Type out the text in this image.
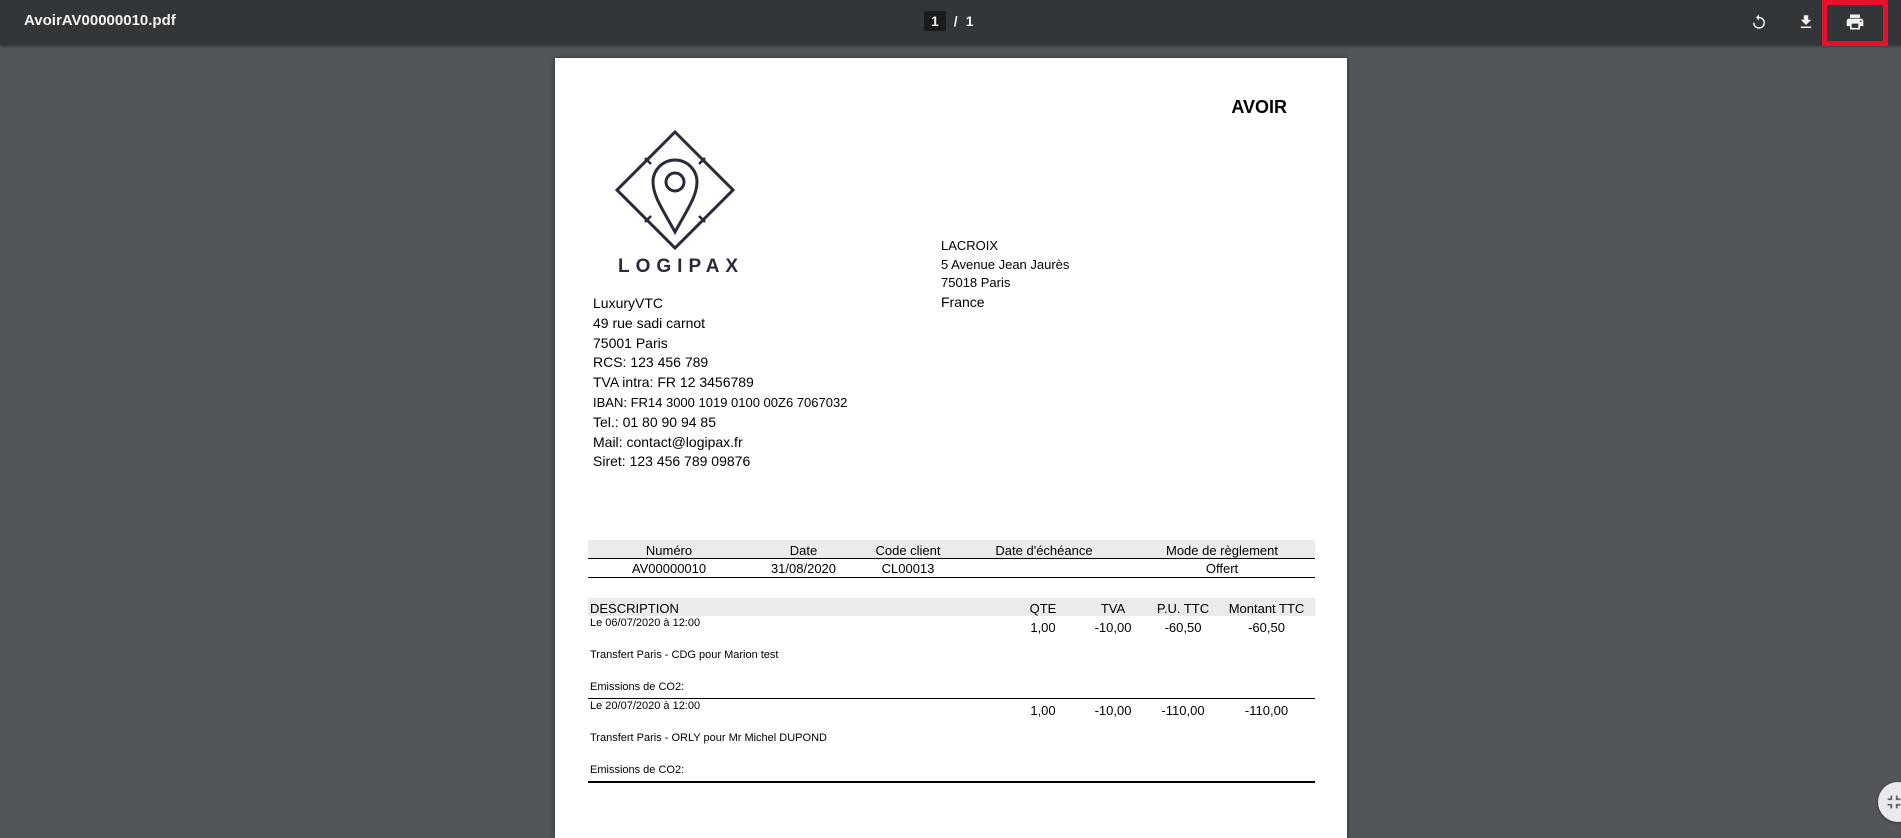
AvoirAV00000010.pdf	1	/ 1
AVOIR
LOGIPAX
LuxuryVTC
49 rue sadi carnot
75001 Paris
RCS: 123 456 789
TVA intra: FR 12 3456789
IBAN: FR14 3000 1019 0100 00Z6 7067032
Tel.: 01 80 90 94 85
Mail: contact@logipax.fr
Siret: 123 456 789 09876
LACROIX
5 Avenue Jean Jaurès
75018 Paris
France
Numéro	Date	Code client	Date d'échéance	Mode de règlement
AV00000010	31/08/2020	CL00013		Offert
DESCRIPTION	QTE	TVA	P.U. TTC	Montant TTC

Le 06/07/2020 à 12:00
Transfert Paris - CDG pour Marion test
Emissions de CO2:	1,00	-10,00	-60,50	-60,50

Le 20/07/2020 à 12:00
Transfert Paris - ORLY pour Mr Michel DUPOND
Emissions de CO2:	1,00	-10,00	-110,00	-110,00
